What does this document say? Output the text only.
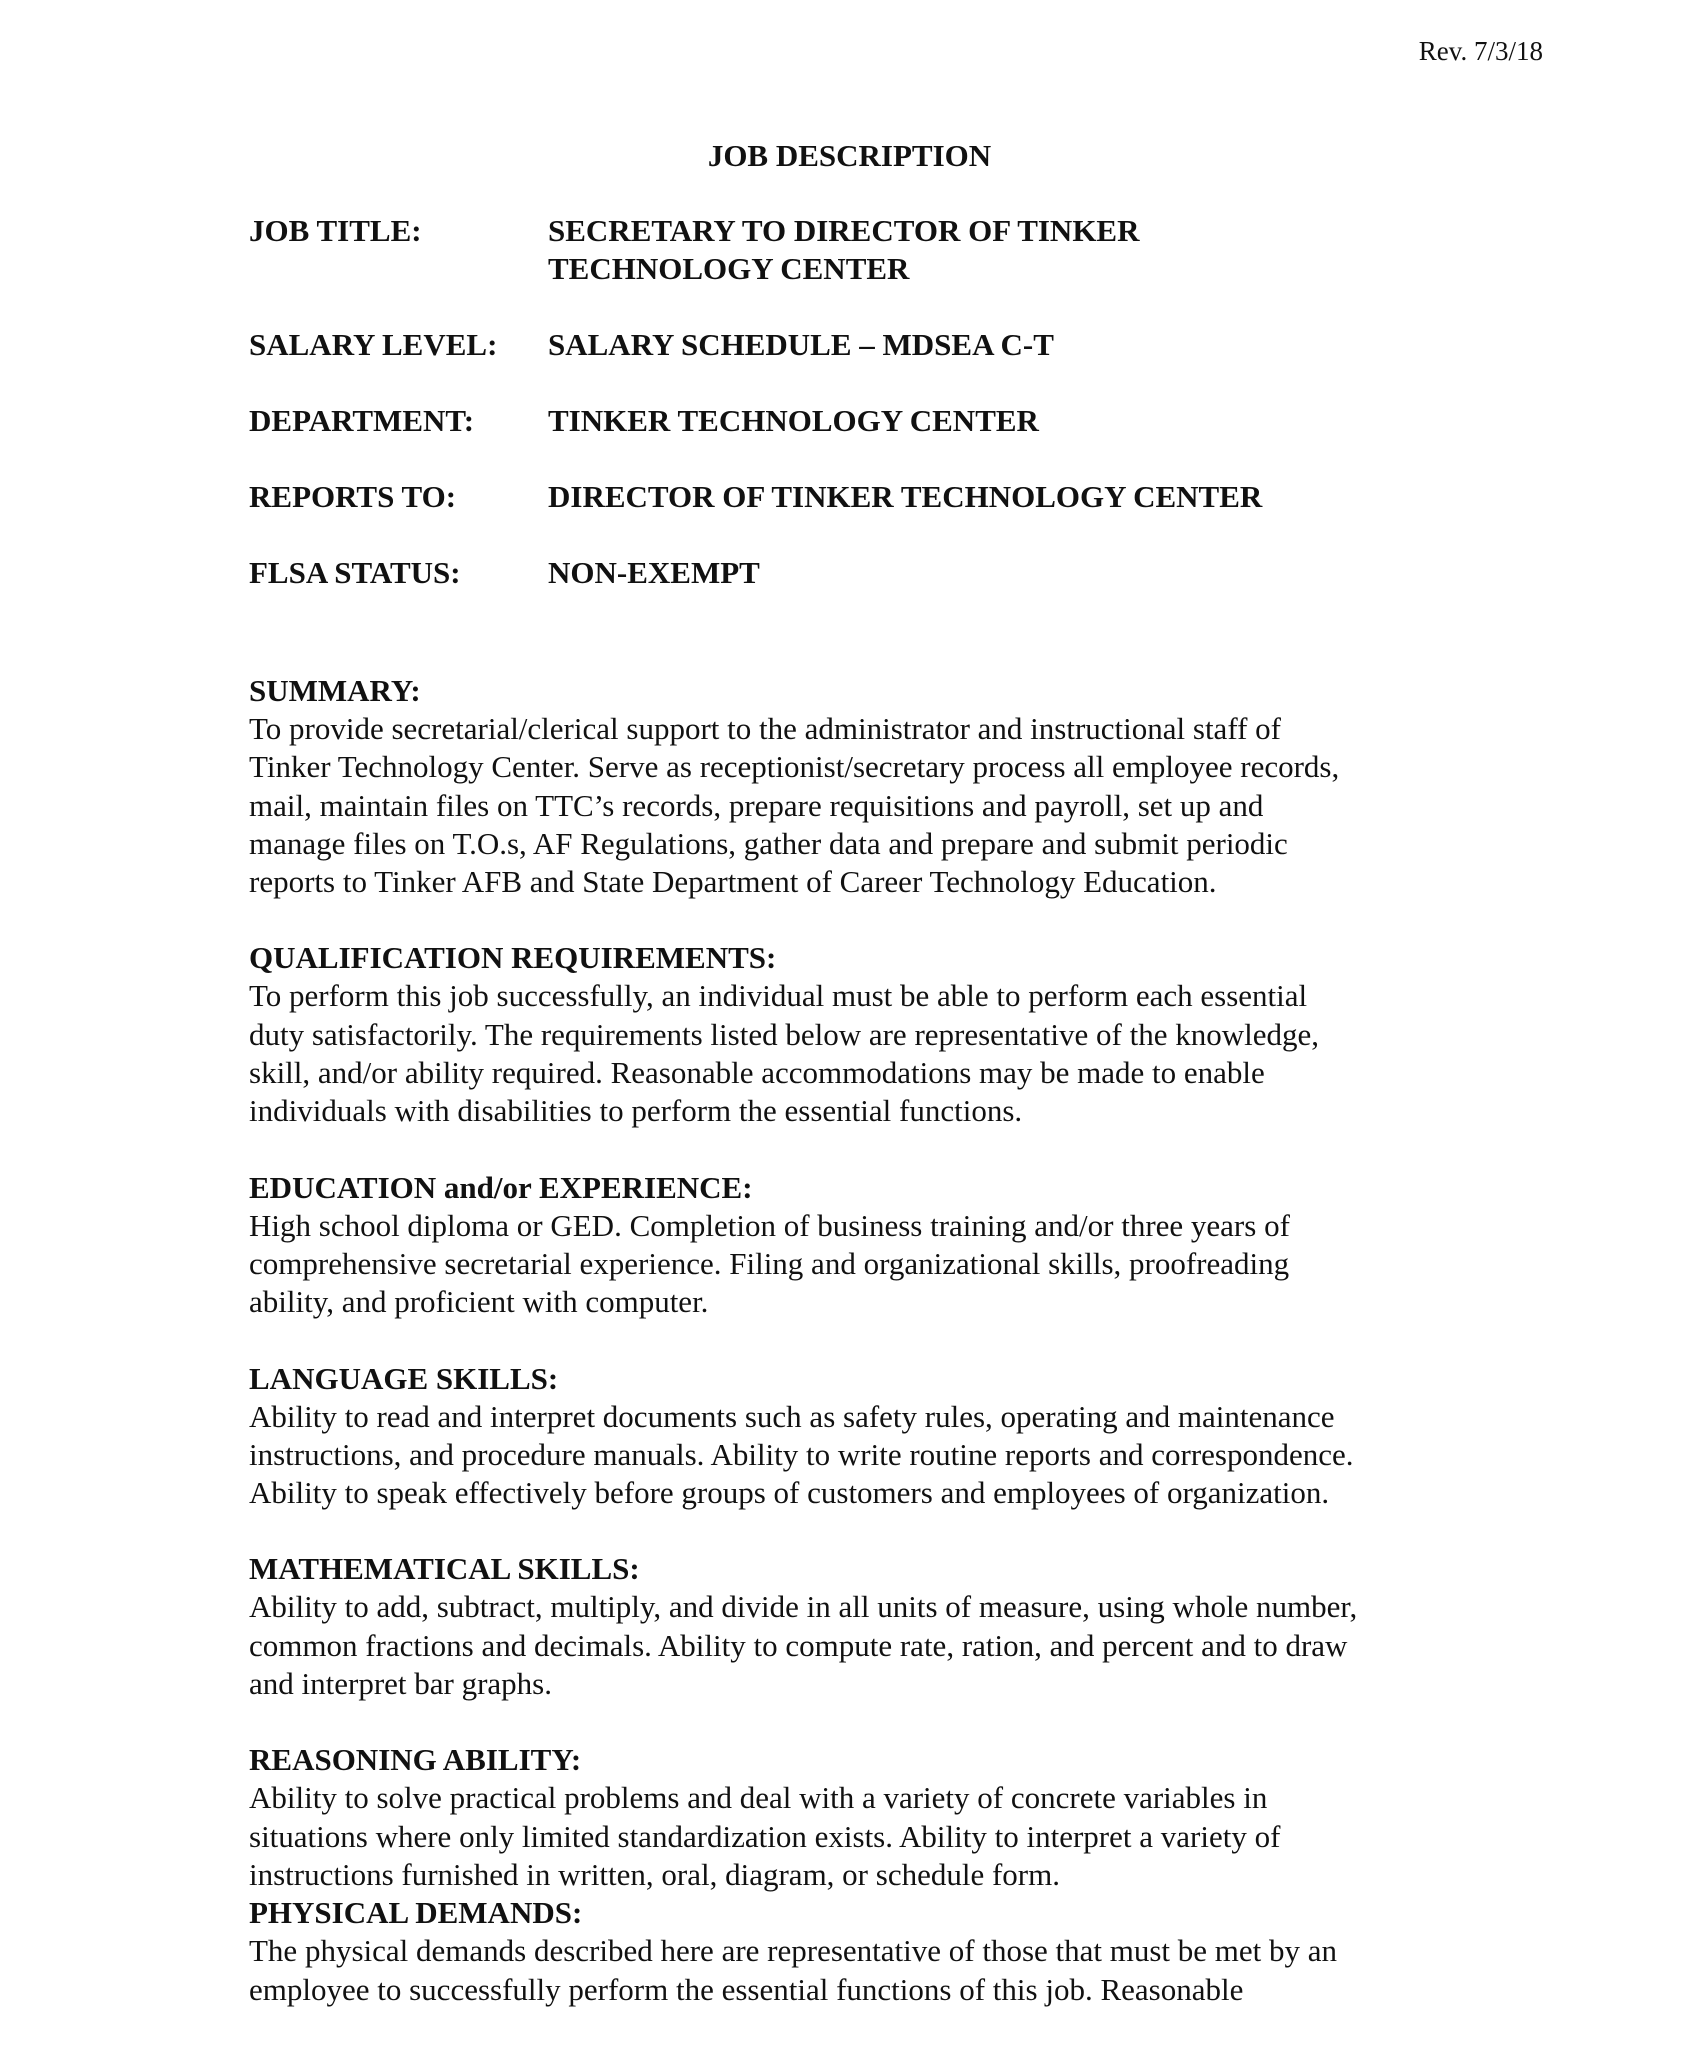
Rev. 7/3/18
JOB DESCRIPTION
JOB TITLE:	SECRETARY TO DIRECTOR OF TINKER
TECHNOLOGY CENTER
SALARY LEVEL:	SALARY SCHEDULE – MDSEA C-T
DEPARTMENT:	TINKER TECHNOLOGY CENTER
REPORTS TO:	DIRECTOR OF TINKER TECHNOLOGY CENTER
FLSA STATUS:	NON-EXEMPT
SUMMARY:
To provide secretarial/clerical support to the administrator and instructional staff of
Tinker Technology Center. Serve as receptionist/secretary process all employee records,
mail, maintain files on TTC’s records, prepare requisitions and payroll, set up and
manage files on T.O.s, AF Regulations, gather data and prepare and submit periodic
reports to Tinker AFB and State Department of Career Technology Education.
QUALIFICATION REQUIREMENTS:
To perform this job successfully, an individual must be able to perform each essential
duty satisfactorily. The requirements listed below are representative of the knowledge,
skill, and/or ability required. Reasonable accommodations may be made to enable
individuals with disabilities to perform the essential functions.
EDUCATION and/or EXPERIENCE:
High school diploma or GED. Completion of business training and/or three years of
comprehensive secretarial experience. Filing and organizational skills, proofreading
ability, and proficient with computer.
LANGUAGE SKILLS:
Ability to read and interpret documents such as safety rules, operating and maintenance
instructions, and procedure manuals. Ability to write routine reports and correspondence.
Ability to speak effectively before groups of customers and employees of organization.
MATHEMATICAL SKILLS:
Ability to add, subtract, multiply, and divide in all units of measure, using whole number,
common fractions and decimals. Ability to compute rate, ration, and percent and to draw
and interpret bar graphs.
REASONING ABILITY:
Ability to solve practical problems and deal with a variety of concrete variables in
situations where only limited standardization exists. Ability to interpret a variety of
instructions furnished in written, oral, diagram, or schedule form.
PHYSICAL DEMANDS:
The physical demands described here are representative of those that must be met by an
employee to successfully perform the essential functions of this job. Reasonable
